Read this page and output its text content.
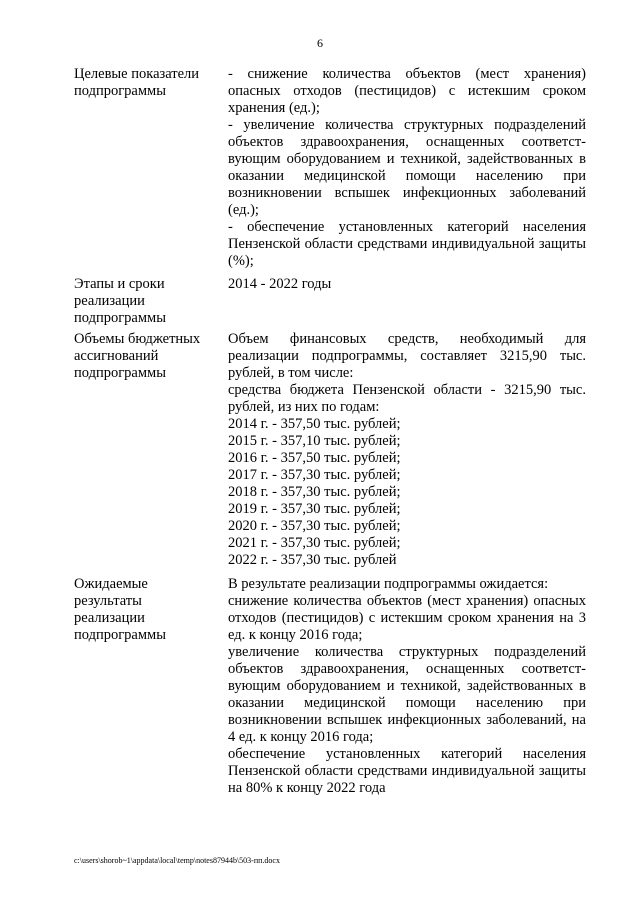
6
Целевые показатели подпрограммы

- снижение количества объектов (мест хранения) опасных отходов (пестицидов) с истекшим сроком хранения (ед.);

- увеличение количества структурных подразделений объектов здравоохранения, оснащенных соответст-вующим оборудованием и техникой, задействованных в оказании медицинской помощи населению при возникновении вспышек инфекционных заболеваний (ед.);

- обеспечение установленных категорий населения Пензенской области средствами индивидуальной защиты (%);

Этапы и сроки реализации подпрограммы

2014 - 2022 годы

Объемы бюджетных ассигнований подпрограммы

Объем финансовых средств, необходимый для реализации подпрограммы, составляет 3215,90 тыс. рублей, в том числе:

средства бюджета Пензенской области - 3215,90 тыс. рублей, из них по годам:

2014 г. - 357,50 тыс. рублей;

2015 г. - 357,10 тыс. рублей;

2016 г. - 357,50 тыс. рублей;

2017 г. - 357,30 тыс. рублей;

2018 г. - 357,30 тыс. рублей;

2019 г. - 357,30 тыс. рублей;

2020 г. - 357,30 тыс. рублей;

2021 г. - 357,30 тыс. рублей;

2022 г. - 357,30 тыс. рублей

Ожидаемые результаты реализации подпрограммы

В результате реализации подпрограммы ожидается:

снижение количества объектов (мест хранения) опасных отходов (пестицидов) с истекшим сроком хранения на 3 ед. к концу 2016 года;

увеличение количества структурных подразделений объектов здравоохранения, оснащенных соответст-вующим оборудованием и техникой, задействованных в оказании медицинской помощи населению при возникновении вспышек инфекционных заболеваний, на 4 ед. к концу 2016 года;

обеспечение установленных категорий населения Пензенской области средствами индивидуальной защиты на 80% к концу 2022 года

c:\users\shorob~1\appdata\local\temp\notes87944b\503-пп.docx
